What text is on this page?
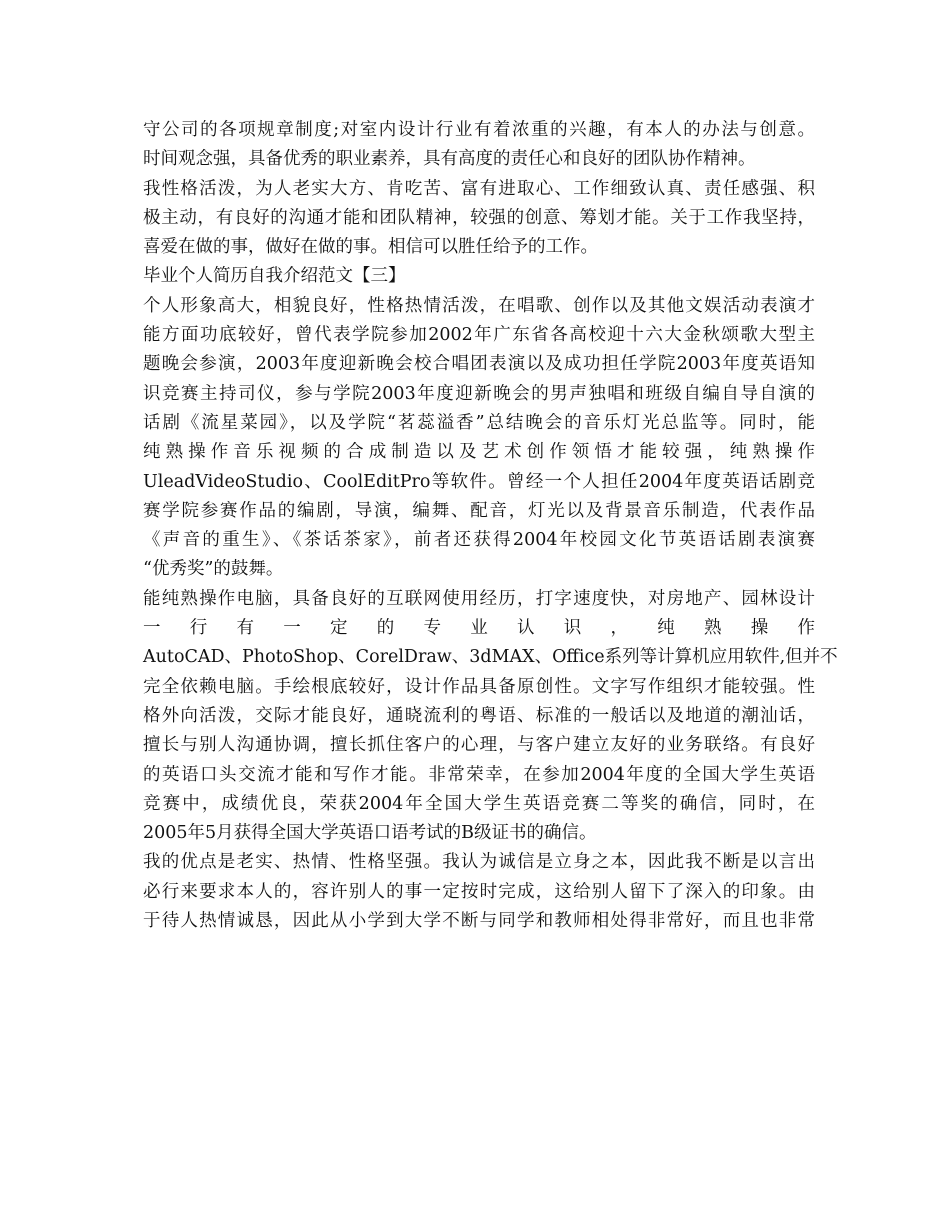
守公司的各项规章制度;对室内设计行业有着浓重的兴趣，有本人的办法与创意。
时间观念强，具备优秀的职业素养，具有高度的责任心和良好的团队协作精神。
我性格活泼，为人老实大方、肯吃苦、富有进取心、工作细致认真、责任感强、积
极主动，有良好的沟通才能和团队精神，较强的创意、筹划才能。关于工作我坚持，
喜爱在做的事，做好在做的事。相信可以胜任给予的工作。
毕业个人简历自我介绍范文【三】
个人形象高大，相貌良好，性格热情活泼，在唱歌、创作以及其他文娱活动表演才
能方面功底较好，曾代表学院参加2002年广东省各高校迎十六大金秋颂歌大型主
题晚会参演，2003年度迎新晚会校合唱团表演以及成功担任学院2003年度英语知
识竞赛主持司仪，参与学院2003年度迎新晚会的男声独唱和班级自编自导自演的
话剧《流星菜园》，以及学院“茗蕊溢香”总结晚会的音乐灯光总监等。同时，能
纯熟操作音乐视频的合成制造以及艺术创作领悟才能较强，纯熟操作
UleadVideoStudio、CoolEditPro等软件。曾经一个人担任2004年度英语话剧竞
赛学院参赛作品的编剧，导演，编舞、配音，灯光以及背景音乐制造，代表作品
《声音的重生》、《茶话茶家》，前者还获得2004年校园文化节英语话剧表演赛
“优秀奖”的鼓舞。
能纯熟操作电脑，具备良好的互联网使用经历，打字速度快，对房地产、园林设计
一 行 有 一 定 的 专 业 认 识 ， 纯 熟 操 作
AutoCAD、PhotoShop、CorelDraw、3dMAX、Office系列等计算机应用软件,但并不
完全依赖电脑。手绘根底较好，设计作品具备原创性。文字写作组织才能较强。性
格外向活泼，交际才能良好，通晓流利的粤语、标准的一般话以及地道的潮汕话，
擅长与别人沟通协调，擅长抓住客户的心理，与客户建立友好的业务联络。有良好
的英语口头交流才能和写作才能。非常荣幸，在参加2004年度的全国大学生英语
竞赛中，成绩优良，荣获2004年全国大学生英语竞赛二等奖的确信，同时，在
2005年5月获得全国大学英语口语考试的B级证书的确信。
我的优点是老实、热情、性格坚强。我认为诚信是立身之本，因此我不断是以言出
必行来要求本人的，容许别人的事一定按时完成，这给别人留下了深入的印象。由
于待人热情诚恳，因此从小学到大学不断与同学和教师相处得非常好，而且也非常
